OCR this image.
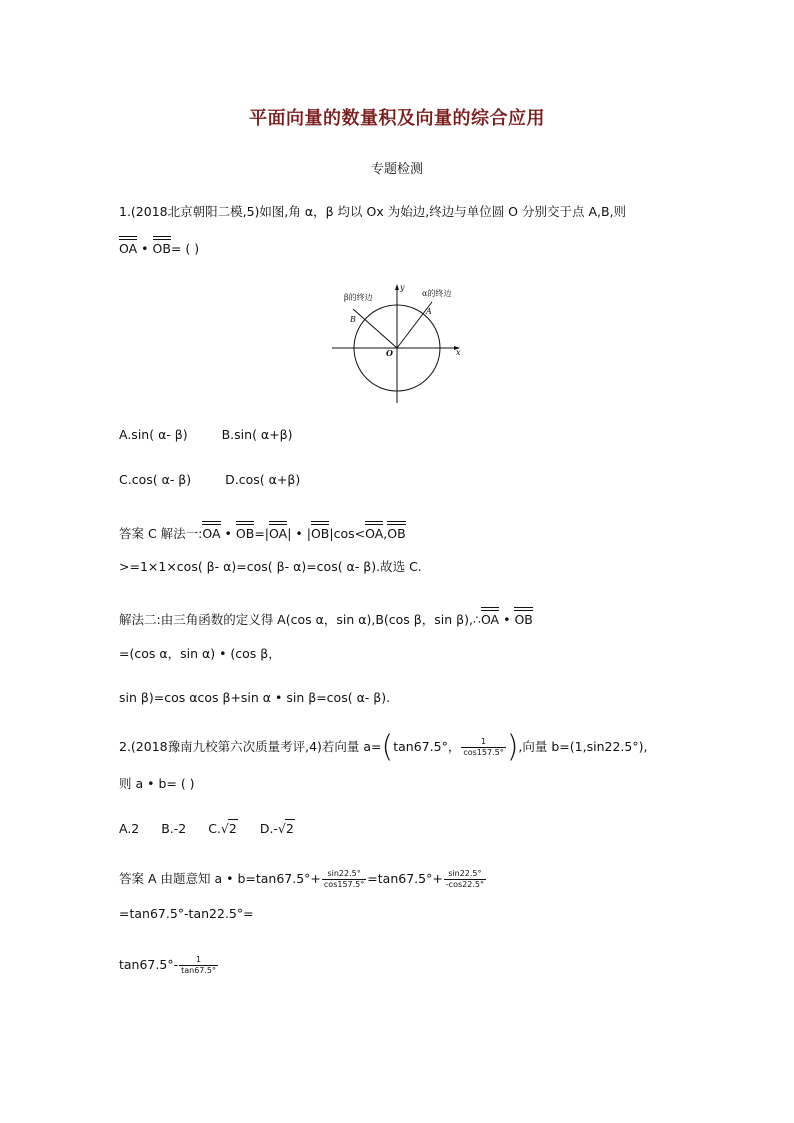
平面向量的数量积及向量的综合应用
专题检测
1.(2018北京朝阳二模,5)如图,角 α，β 均以 Ox 为始边,终边与单位圆 O 分别交于点 A,B,则
OA • OB= ( )
β的终边	α的终边
B
A
O	x
y
A.sin( α- β)	B.sin( α+β)
C.cos( α- β)	D.cos( α+β)
答案 C 解法一:OA • OB=|OA| • |OB|cos<OA,OB
>=1×1×cos( β- α)=cos( β- α)=cos( α- β).故选 C.
解法二:由三角函数的定义得 A(cos α，sin α),B(cos β，sin β),∴OA • OB
=(cos α，sin α) • (cos β，
sin β)=cos αcos β+sin α • sin β=cos( α- β).
2.(2018豫南九校第六次质量考评,4)若向量 a=(tan67.5°， $\frac{1}{\cos 157.5^\circ}$ ),向量 b=(1,sin22.5°),
则 a • b= ( )
A.2 B.-2 C.√2 D.-√2
答案 A 由题意知 a • $b=\tan 67.5^\circ+ \frac{\sin 22.5^\circ}{\cos 157.5^\circ} =\tan 67.5^\circ+ \frac{\sin 22.5^\circ}{-\cos 22.5^\circ}$
=tan67.5°-tan22.5°=
$\tan 67.5^\circ- \frac{1}{\tan 67.5^\circ}$
